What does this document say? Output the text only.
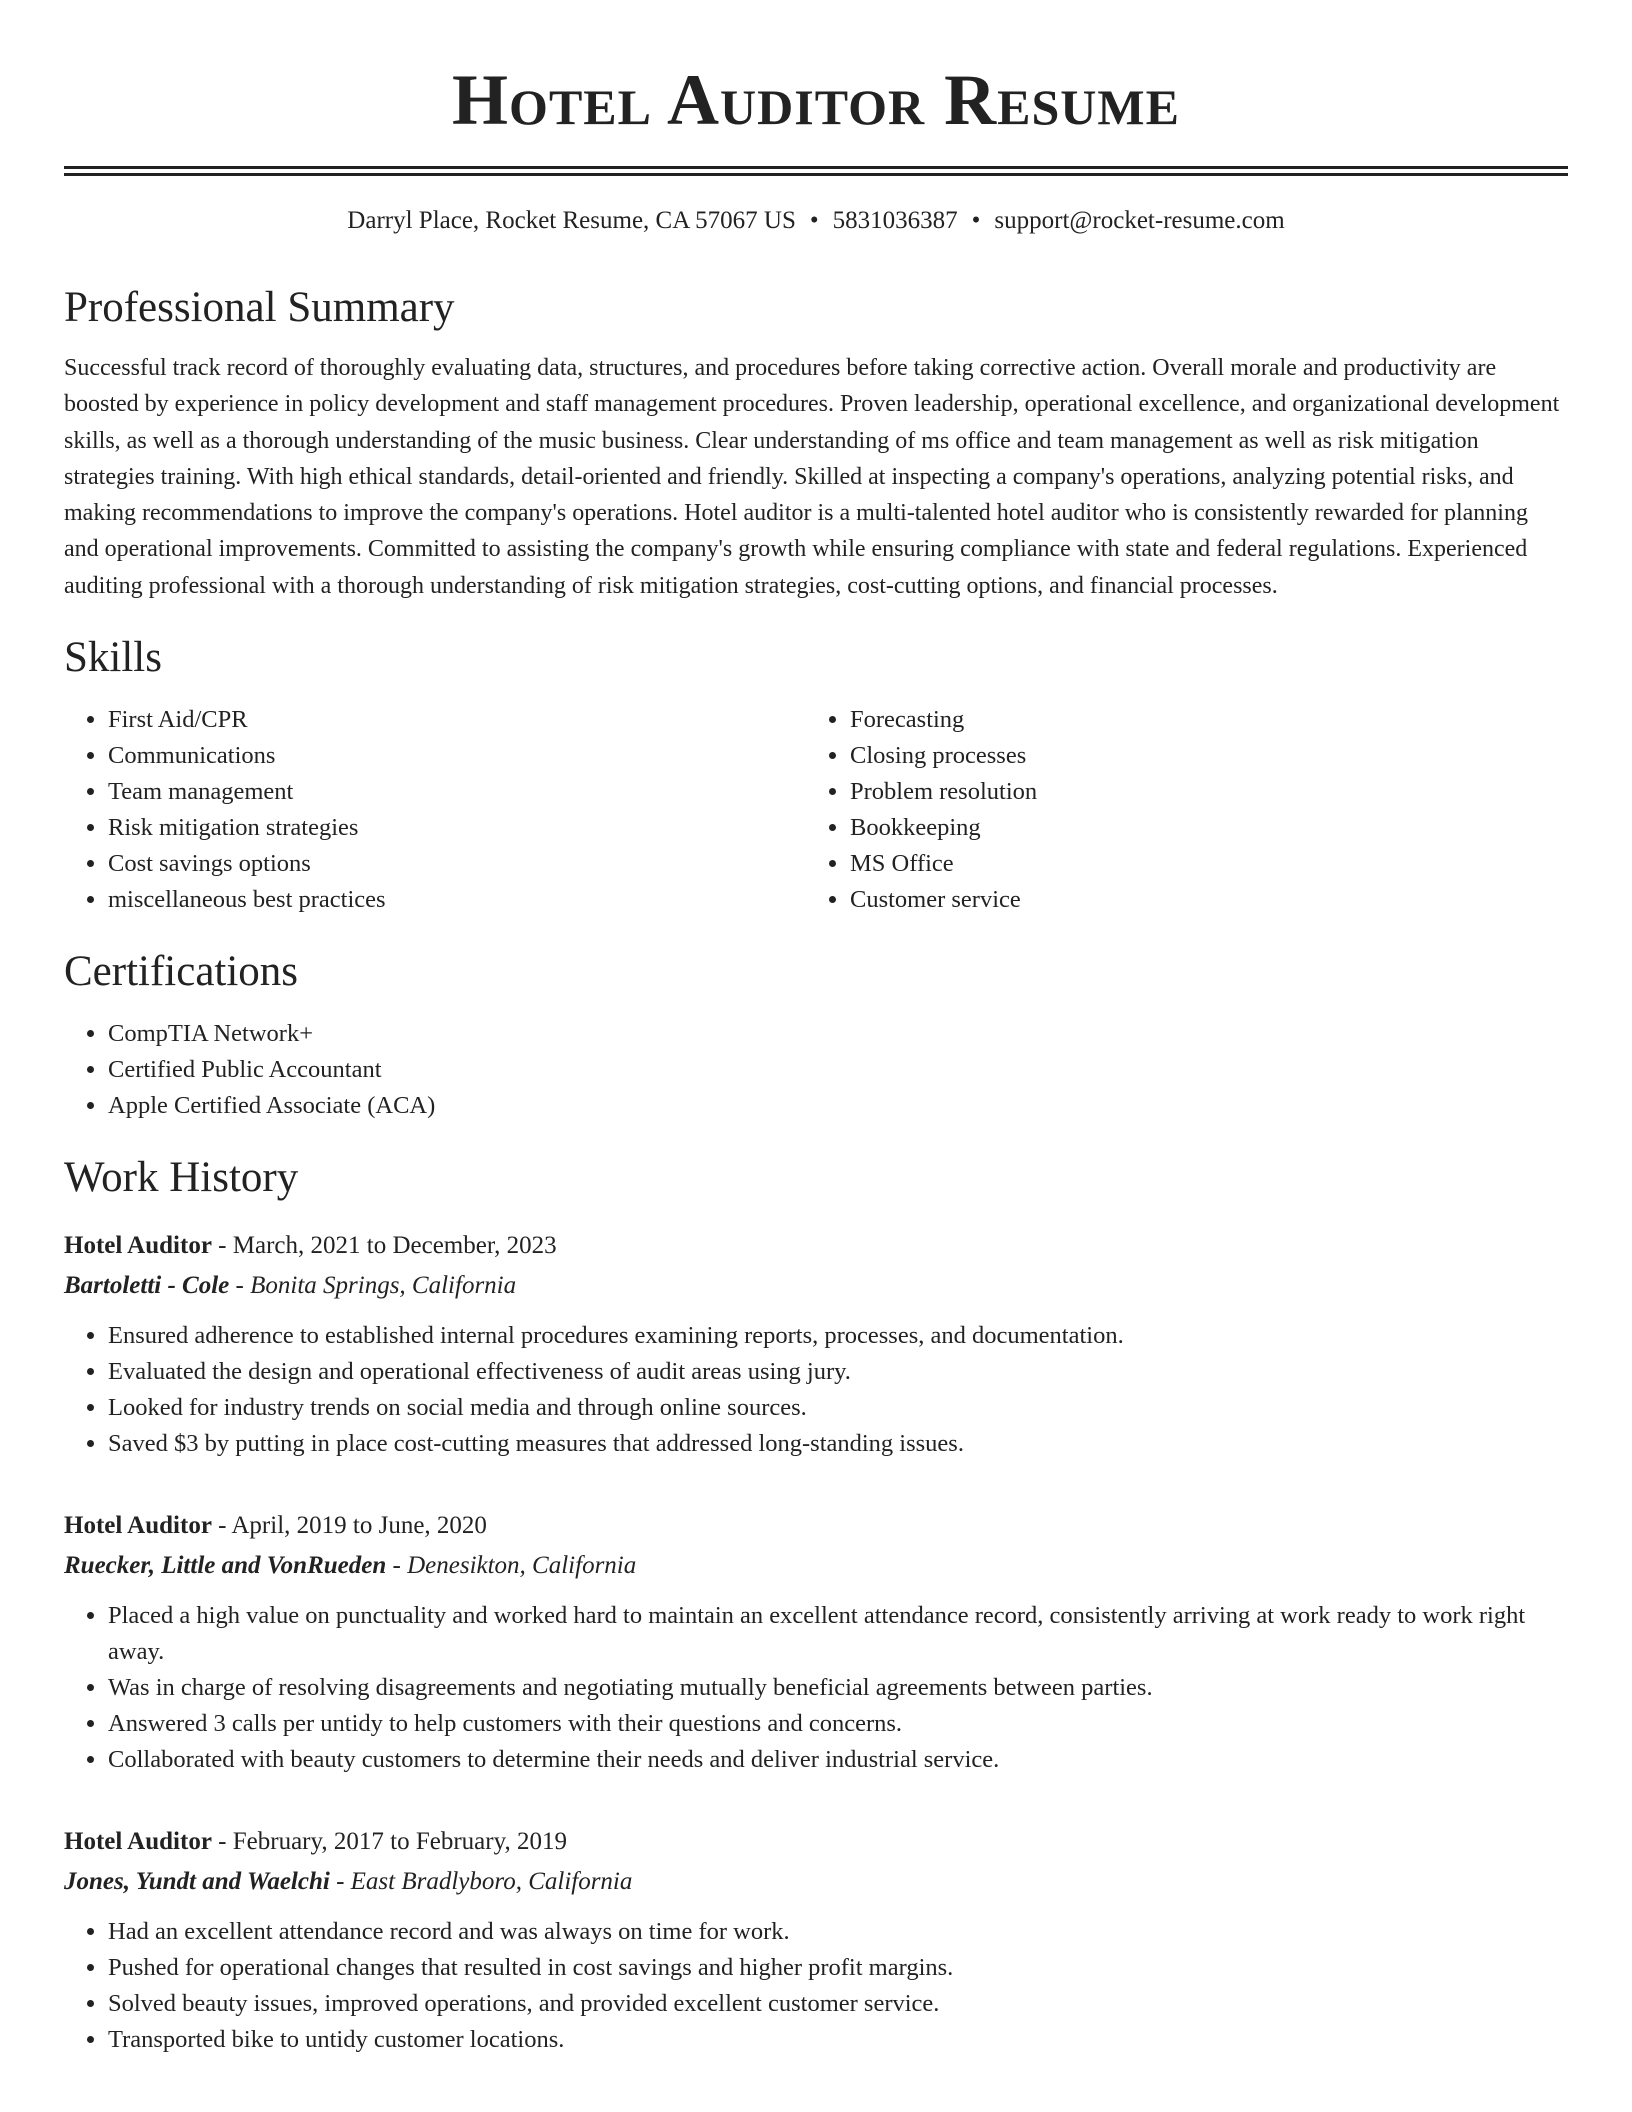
Hotel Auditor Resume
Darryl Place, Rocket Resume, CA 57067 US • 5831036387 • support@rocket-resume.com
Professional Summary

Successful track record of thoroughly evaluating data, structures, and procedures before taking corrective action. Overall morale and productivity are boosted by experience in policy development and staff management procedures. Proven leadership, operational excellence, and organizational development skills, as well as a thorough understanding of the music business. Clear understanding of ms office and team management as well as risk mitigation strategies training. With high ethical standards, detail-oriented and friendly. Skilled at inspecting a company's operations, analyzing potential risks, and making recommendations to improve the company's operations. Hotel auditor is a multi-talented hotel auditor who is consistently rewarded for planning and operational improvements. Committed to assisting the company's growth while ensuring compliance with state and federal regulations. Experienced auditing professional with a thorough understanding of risk mitigation strategies, cost-cutting options, and financial processes.

Skills
• First Aid/CPR
• Communications
• Team management
• Risk mitigation strategies
• Cost savings options
• miscellaneous best practices
• Forecasting
• Closing processes
• Problem resolution
• Bookkeeping
• MS Office
• Customer service
Certifications
• CompTIA Network+
• Certified Public Accountant
• Apple Certified Associate (ACA)
Work History
Hotel Auditor - March, 2021 to December, 2023
Bartoletti - Cole - Bonita Springs, California
• Ensured adherence to established internal procedures examining reports, processes, and documentation.
• Evaluated the design and operational effectiveness of audit areas using jury.
• Looked for industry trends on social media and through online sources.
• Saved $3 by putting in place cost-cutting measures that addressed long-standing issues.
Hotel Auditor - April, 2019 to June, 2020
Ruecker, Little and VonRueden - Denesikton, California
• Placed a high value on punctuality and worked hard to maintain an excellent attendance record, consistently arriving at work ready to work right away.
• Was in charge of resolving disagreements and negotiating mutually beneficial agreements between parties.
• Answered 3 calls per untidy to help customers with their questions and concerns.
• Collaborated with beauty customers to determine their needs and deliver industrial service.
Hotel Auditor - February, 2017 to February, 2019
Jones, Yundt and Waelchi - East Bradlyboro, California
• Had an excellent attendance record and was always on time for work.
• Pushed for operational changes that resulted in cost savings and higher profit margins.
• Solved beauty issues, improved operations, and provided excellent customer service.
• Transported bike to untidy customer locations.
